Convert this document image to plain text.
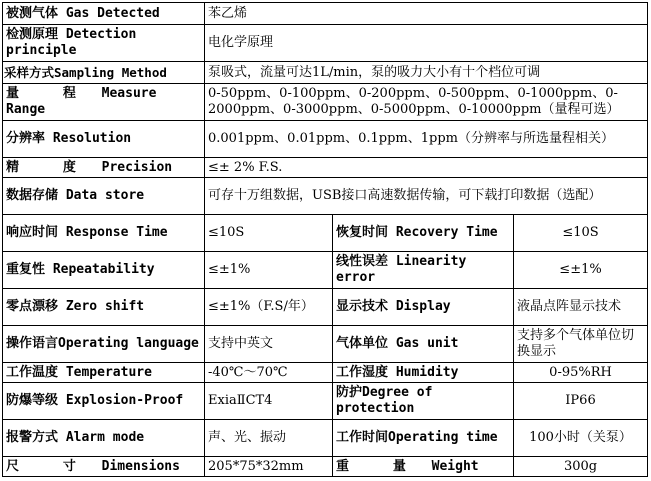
被测气体 Gas Detected	苯乙烯		
检测原理 Detection principle	电化学原理		
采样方式Sampling Method	泵吸式，流量可达1L/min，泵的吸力大小有十个档位可调		
量 程 Measure Range	0-50ppm、0-100ppm、0-200ppm、0-500ppm、0-1000ppm、0-2000ppm、0-3000ppm、0-5000ppm、0-10000ppm（量程可选）		
分辨率 Resolution	0.001ppm、0.01ppm、0.1ppm、1ppm（分辨率与所选量程相关）		
精 度 Precision	≤± 2% F.S.		
数据存储 Data store	可存十万组数据，USB接口高速数据传输，可下载打印数据（选配）		
响应时间 Response Time	≤10S	恢复时间 Recovery Time	≤10S
重复性 Repeatability	≤±1%	线性误差 Linearity error	≤±1%
零点漂移 Zero shift	≤±1%（F.S/年）	显示技术 Display	液晶点阵显示技术
操作语言Operating language	支持中英文	气体单位 Gas unit	支持多个气体单位切换显示
工作温度 Temperature	-40℃～70℃	工作湿度 Humidity	0-95%RH
防爆等级 Explosion-Proof	ExiaⅡCT4	防护Degree of protection	IP66
报警方式 Alarm mode	声、光、振动	工作时间Operating time	100小时（关泵）
尺 寸 Dimensions	205*75*32mm	重 量 Weight	300g
